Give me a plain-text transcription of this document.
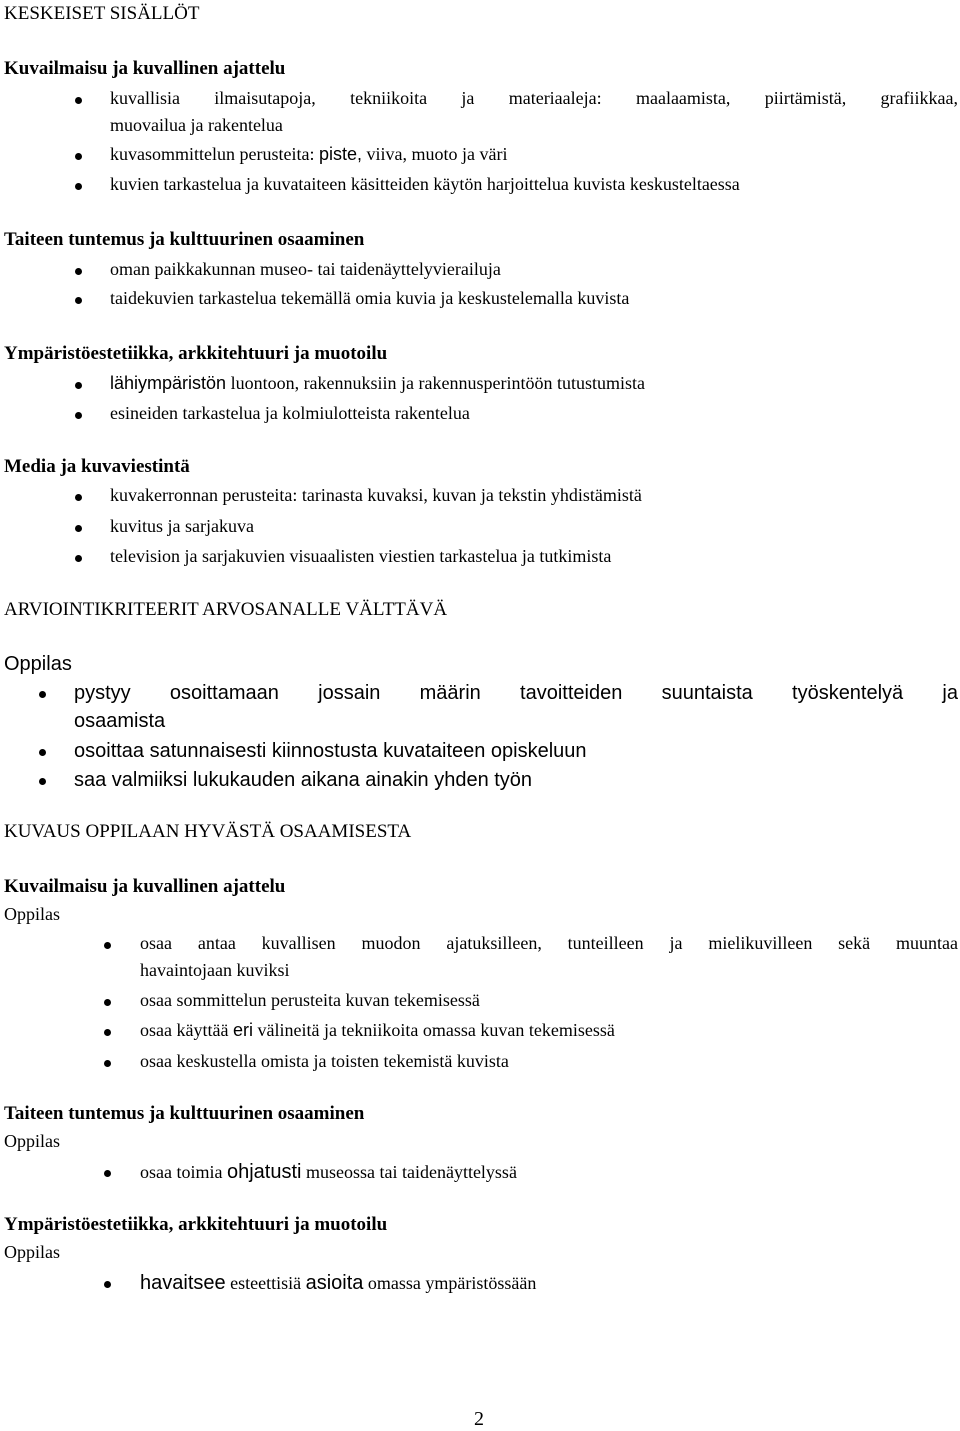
KESKEISET SISÄLLÖT
Kuvailmaisu ja kuvallinen ajattelu
kuvallisia ilmaisutapoja, tekniikoita ja materiaaleja: maalaamista, piirtämistä, grafiikkaa,
muovailua ja rakentelua
kuvasommittelun perusteita: piste, viiva, muoto ja väri
kuvien tarkastelua ja kuvataiteen käsitteiden käytön harjoittelua kuvista keskusteltaessa
Taiteen tuntemus ja kulttuurinen osaaminen
oman paikkakunnan museo- tai taidenäyttelyvierailuja
taidekuvien tarkastelua tekemällä omia kuvia ja keskustelemalla kuvista
Ympäristöestetiikka, arkkitehtuuri ja muotoilu
lähiympäristön luontoon, rakennuksiin ja rakennusperintöön tutustumista
esineiden tarkastelua ja kolmiulotteista rakentelua
Media ja kuvaviestintä
kuvakerronnan perusteita: tarinasta kuvaksi, kuvan ja tekstin yhdistämistä
kuvitus ja sarjakuva
television ja sarjakuvien visuaalisten viestien tarkastelua ja tutkimista
ARVIOINTIKRITEERIT ARVOSANALLE VÄLTTÄVÄ
Oppilas
pystyy osoittamaan jossain määrin tavoitteiden suuntaista työskentelyä ja
osaamista
osoittaa satunnaisesti kiinnostusta kuvataiteen opiskeluun
saa valmiiksi lukukauden aikana ainakin yhden työn
KUVAUS OPPILAAN HYVÄSTÄ OSAAMISESTA
Kuvailmaisu ja kuvallinen ajattelu
Oppilas
osaa antaa kuvallisen muodon ajatuksilleen, tunteilleen ja mielikuvilleen sekä muuntaa
havaintojaan kuviksi
osaa sommittelun perusteita kuvan tekemisessä
osaa käyttää eri välineitä ja tekniikoita omassa kuvan tekemisessä
osaa keskustella omista ja toisten tekemistä kuvista
Taiteen tuntemus ja kulttuurinen osaaminen
Oppilas
osaa toimia ohjatusti museossa tai taidenäyttelyssä
Ympäristöestetiikka, arkkitehtuuri ja muotoilu
Oppilas
havaitsee esteettisiä asioita omassa ympäristössään
2
